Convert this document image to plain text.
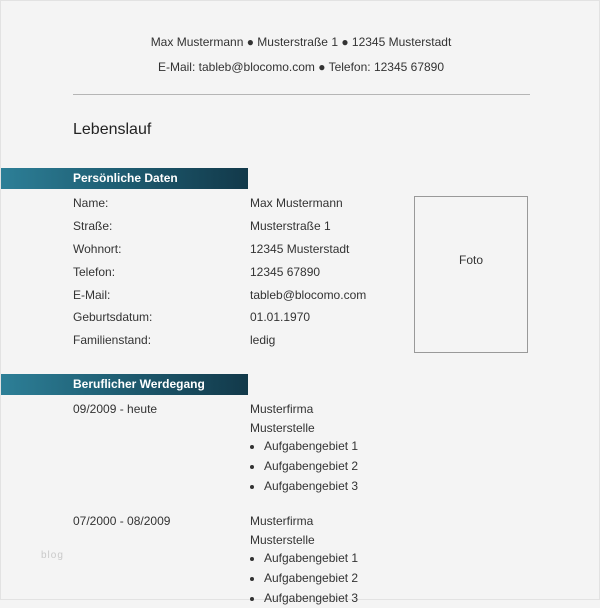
Max Mustermann ● Musterstraße 1 ● 12345 Musterstadt
E-Mail: tableb@blocomo.com ● Telefon: 12345 67890
Lebenslauf
Persönliche Daten
Name:	Max Mustermann
Straße:	Musterstraße 1
Wohnort:	12345 Musterstadt
Telefon:	12345 67890
E-Mail:	tableb@blocomo.com
Geburtsdatum:	01.01.1970
Familienstand:	ledig
Foto
Beruflicher Werdegang
09/2009 - heute	Musterfirma
Musterstelle
• Aufgabengebiet 1
• Aufgabengebiet 2
• Aufgabengebiet 3
07/2000 - 08/2009	Musterfirma
Musterstelle
• Aufgabengebiet 1
• Aufgabengebiet 2
• Aufgabengebiet 3
blog
